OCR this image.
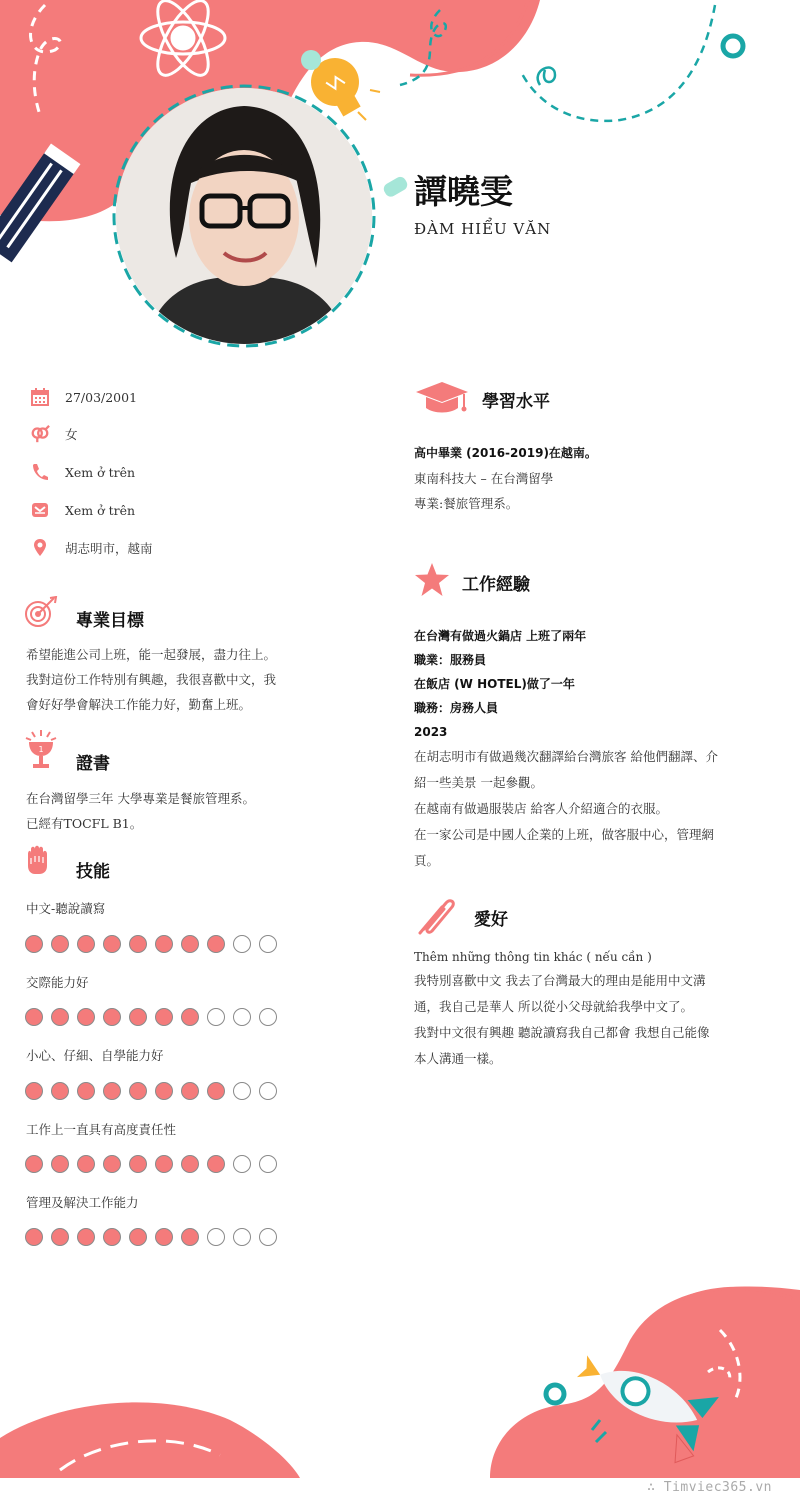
譚曉雯
ĐÀM HIỂU VĂN
27/03/2001
女
Xem ở trên
Xem ở trên
胡志明市，越南
專業目標
希望能進公司上班，能一起發展，盡力往上。
我對這份工作特別有興趣，我很喜歡中文，我
會好好學會解決工作能力好，勤奮上班。
1
證書
在台灣留學三年 大學專業是餐旅管理系。
已經有TOCFL B1。
技能
中文-聽說讀寫
交際能力好
小心、仔細、自學能力好
工作上一直具有高度責任性
管理及解決工作能力
學習水平
高中畢業 (2016-2019)在越南。
東南科技大 – 在台灣留學
專業:餐旅管理系。
工作經驗
在台灣有做過火鍋店 上班了兩年
職業：服務員
在飯店 (W HOTEL)做了一年
職務：房務人員
2023
在胡志明市有做過幾次翻譯給台灣旅客 給他們翻譯、介
紹一些美景 一起參觀。
在越南有做過服裝店 給客人介紹適合的衣服。
在一家公司是中國人企業的上班，做客服中心，管理網
頁。
愛好
Thêm những thông tin khác ( nếu cần )
我特別喜歡中文 我去了台灣最大的理由是能用中文溝
通，我自己是華人 所以從小父母就給我學中文了。
我對中文很有興趣 聽說讀寫我自己都會 我想自己能像
本人溝通一樣。
∴ Timviec365.vn
